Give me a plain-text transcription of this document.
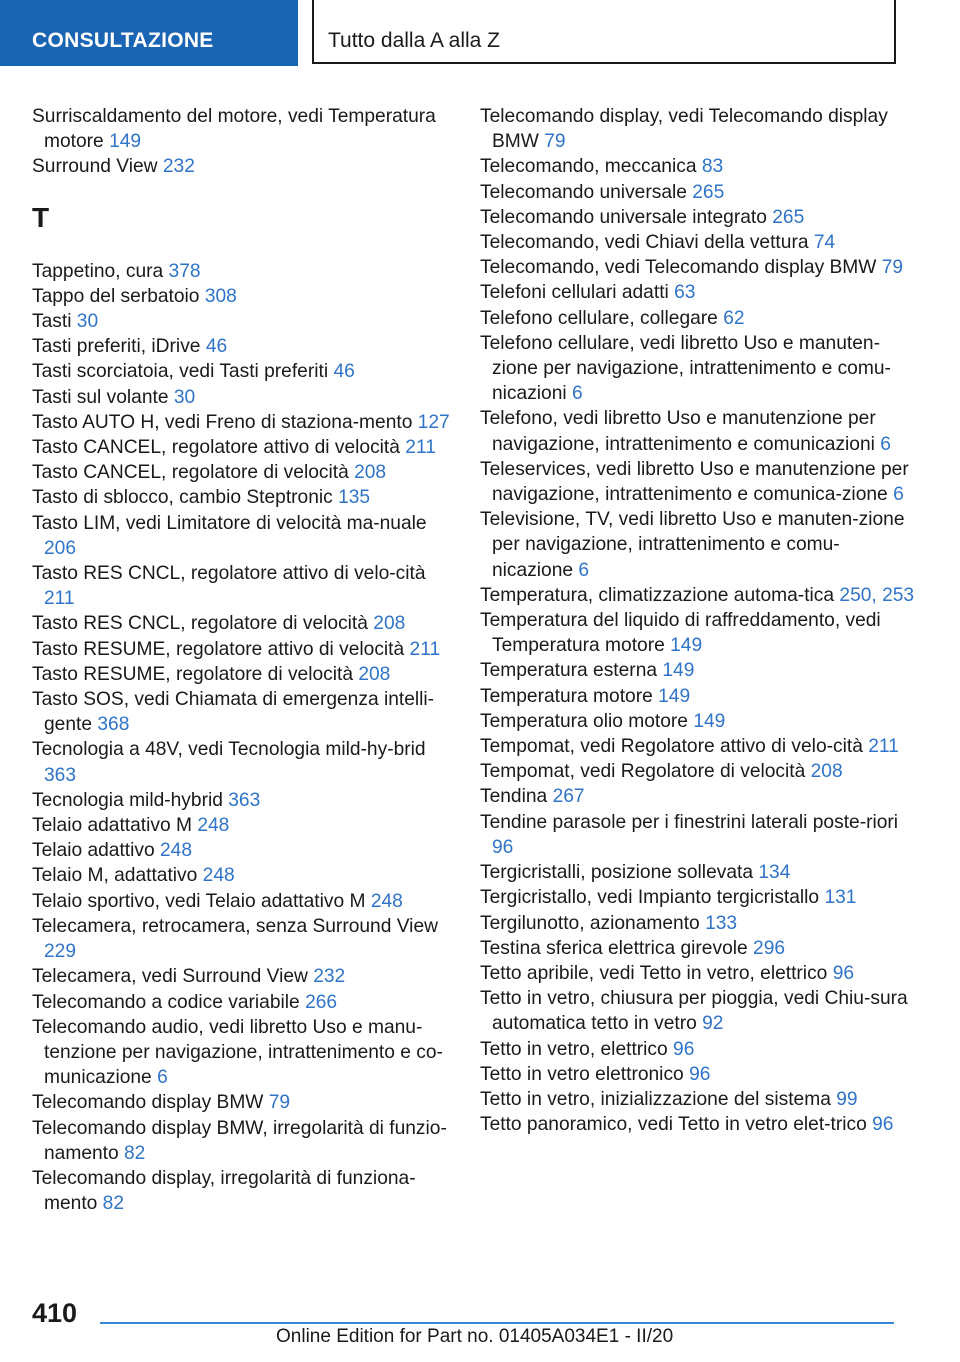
CONSULTAZIONE	Tutto dalla A alla Z

Surriscaldamento del motore, vedi Temperatura motore 149

Surround View 232

T

Tappetino, cura 378

Tappo del serbatoio 308

Tasti 30

Tasti preferiti, iDrive 46

Tasti scorciatoia, vedi Tasti preferiti 46

Tasti sul volante 30

Tasto AUTO H, vedi Freno di staziona-mento 127

Tasto CANCEL, regolatore attivo di velocità 211

Tasto CANCEL, regolatore di velocità 208

Tasto di sblocco, cambio Steptronic 135

Tasto LIM, vedi Limitatore di velocità ma-nuale 206

Tasto RES CNCL, regolatore attivo di velo-cità 211

Tasto RES CNCL, regolatore di velocità 208

Tasto RESUME, regolatore attivo di velocità 211

Tasto RESUME, regolatore di velocità 208

Tasto SOS, vedi Chiamata di emergenza intelli-gente 368

Tecnologia a 48V, vedi Tecnologia mild-hy-brid 363

Tecnologia mild-hybrid 363

Telaio adattativo M 248

Telaio adattivo 248

Telaio M, adattativo 248

Telaio sportivo, vedi Telaio adattativo M 248

Telecamera, retrocamera, senza Surround View 229

Telecamera, vedi Surround View 232

Telecomando a codice variabile 266

Telecomando audio, vedi libretto Uso e manu-tenzione per navigazione, intrattenimento e co-municazione 6

Telecomando display BMW 79

Telecomando display BMW, irregolarità di funzio-namento 82

Telecomando display, irregolarità di funziona-mento 82

Telecomando display, vedi Telecomando display BMW 79

Telecomando, meccanica 83

Telecomando universale 265

Telecomando universale integrato 265

Telecomando, vedi Chiavi della vettura 74

Telecomando, vedi Telecomando display BMW 79

Telefoni cellulari adatti 63

Telefono cellulare, collegare 62

Telefono cellulare, vedi libretto Uso e manuten-zione per navigazione, intrattenimento e comu-nicazioni 6

Telefono, vedi libretto Uso e manutenzione per navigazione, intrattenimento e comunicazioni 6

Teleservices, vedi libretto Uso e manutenzione per navigazione, intrattenimento e comunica-zione 6

Televisione, TV, vedi libretto Uso e manuten-zione per navigazione, intrattenimento e comu-nicazione 6

Temperatura, climatizzazione automa-tica 250, 253

Temperatura del liquido di raffreddamento, vedi Temperatura motore 149

Temperatura esterna 149

Temperatura motore 149

Temperatura olio motore 149

Tempomat, vedi Regolatore attivo di velo-cità 211

Tempomat, vedi Regolatore di velocità 208

Tendina 267

Tendine parasole per i finestrini laterali poste-riori 96

Tergicristalli, posizione sollevata 134

Tergicristallo, vedi Impianto tergicristallo 131

Tergilunotto, azionamento 133

Testina sferica elettrica girevole 296

Tetto apribile, vedi Tetto in vetro, elettrico 96

Tetto in vetro, chiusura per pioggia, vedi Chiu-sura automatica tetto in vetro 92

Tetto in vetro, elettrico 96

Tetto in vetro elettronico 96

Tetto in vetro, inizializzazione del sistema 99

Tetto panoramico, vedi Tetto in vetro elet-trico 96

410
Online Edition for Part no. 01405A034E1 - II/20
